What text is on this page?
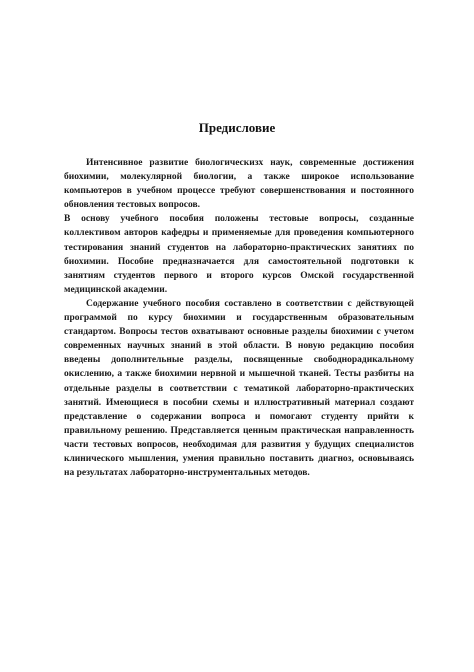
Предисловие

Интенсивное развитие биологическизх наук, современные достижения биохимии, молекулярной биологии, а также широкое использование компьютеров в учебном процессе требуют совершенствования и постоянного обновления тестовых вопросов.

В основу учебного пособия положены тестовые вопросы, созданные коллективом авторов кафедры и применяемые для проведения компьютерного тестирования знаний студентов на лабораторно-практических занятиях по биохимии. Пособие предназначается для самостоятельной подготовки к занятиям студентов первого и второго курсов Омской государственной медицинской академии.

Содержание учебного пособия составлено в соответствии с действующей программой по курсу биохимии и государственным образовательным стандартом. Вопросы тестов охватывают основные разделы биохимии с учетом современных научных знаний в этой области. В новую редакцию пособия введены дополнительные разделы, посвященные свободнорадикальному окислению, а также биохимии нервной и мышечной тканей. Тесты разбиты на отдельные разделы в соответствии с тематикой лабораторно-практических занятий. Имеющиеся в пособии схемы и иллюстративный материал создают представление о содержании вопроса и помогают студенту прийти к правильному решению. Представляется ценным практическая направленность части тестовых вопросов, необходимая для развития у будущих специалистов клинического мышления, умения правильно поставить диагноз, основываясь на результатах лабораторно-инструментальных методов.
